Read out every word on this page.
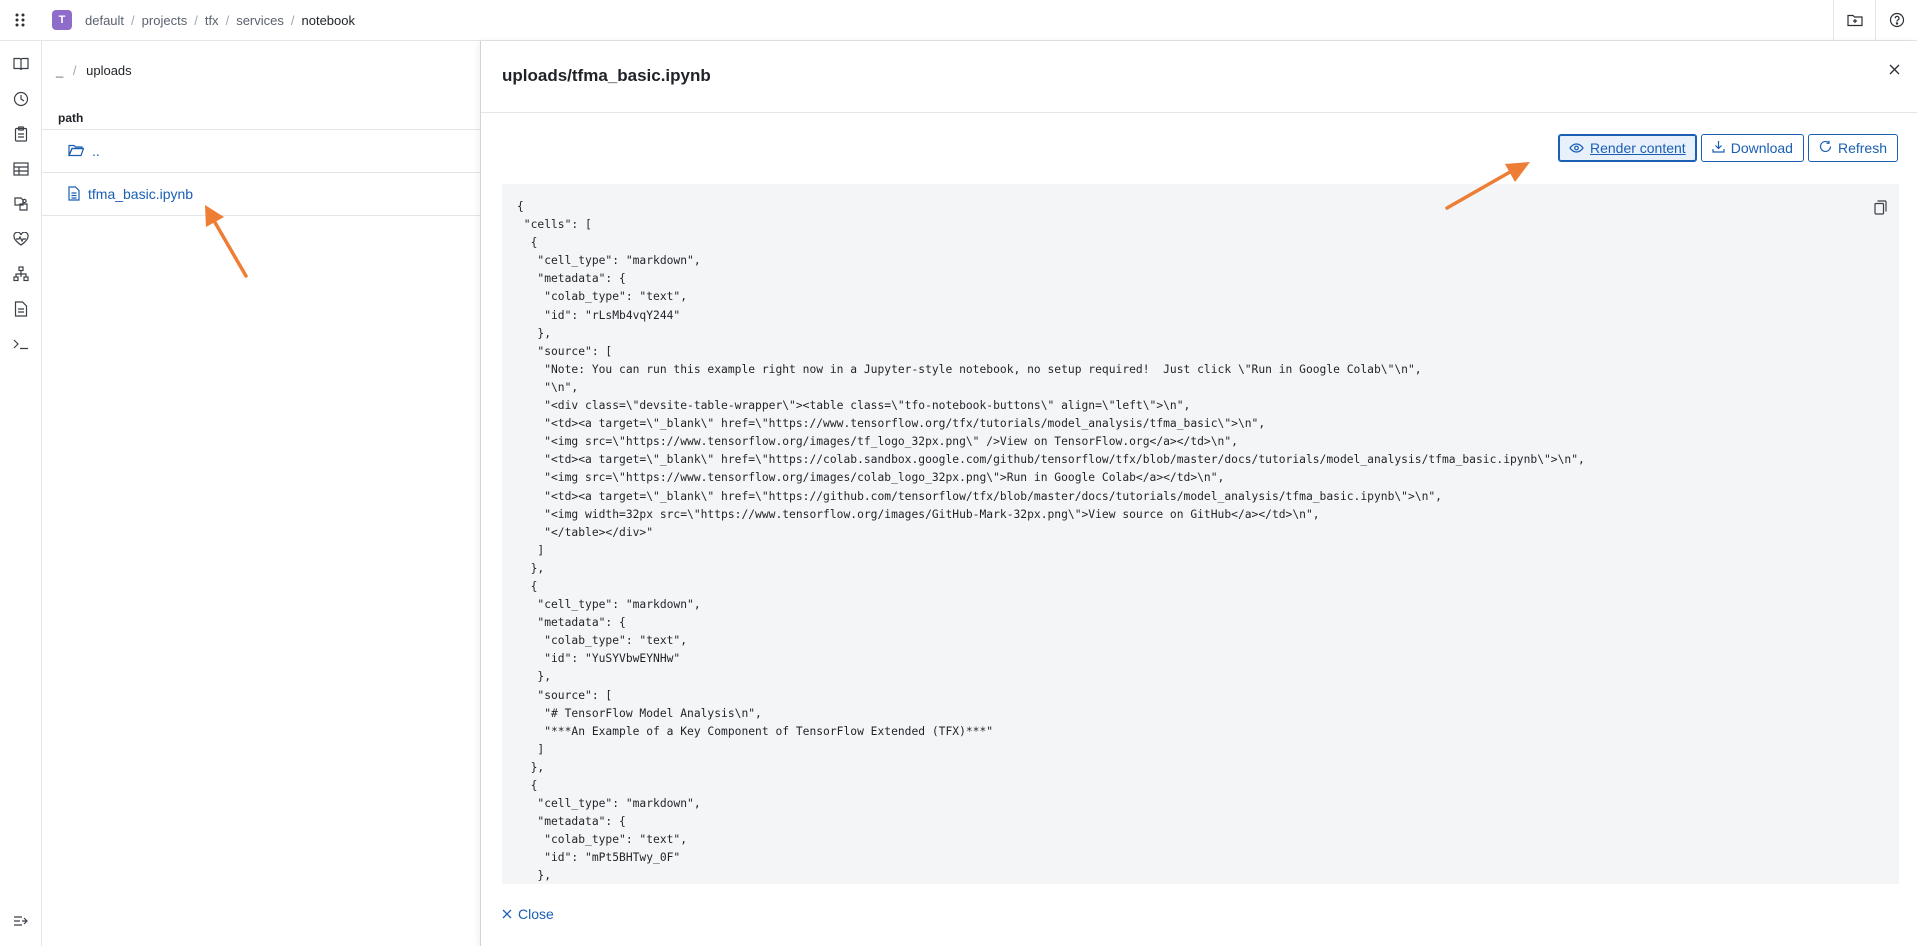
T	default / projects / tfx / services / notebook
_ / uploads
path
..
tfma_basic.ipynb
uploads/tfma_basic.ipynb
Render content	Download	Refresh
{
"cells": [
{
"cell_type": "markdown",
"metadata": {
"colab_type": "text",
"id": "rLsMb4vqY244"
},
"source": [
"Note: You can run this example right now in a Jupyter-style notebook, no setup required!  Just click \"Run in Google Colab\"\n",
"\n",
"<div class=\"devsite-table-wrapper\"><table class=\"tfo-notebook-buttons\" align=\"left\">\n",
"<td><a target=\"_blank\" href=\"https://www.tensorflow.org/tfx/tutorials/model_analysis/tfma_basic\">\n",
"<img src=\"https://www.tensorflow.org/images/tf_logo_32px.png\" />View on TensorFlow.org</a></td>\n",
"<td><a target=\"_blank\" href=\"https://colab.sandbox.google.com/github/tensorflow/tfx/blob/master/docs/tutorials/model_analysis/tfma_basic.ipynb\">\n",
"<img src=\"https://www.tensorflow.org/images/colab_logo_32px.png\">Run in Google Colab</a></td>\n",
"<td><a target=\"_blank\" href=\"https://github.com/tensorflow/tfx/blob/master/docs/tutorials/model_analysis/tfma_basic.ipynb\">\n",
"<img width=32px src=\"https://www.tensorflow.org/images/GitHub-Mark-32px.png\">View source on GitHub</a></td>\n",
"</table></div>"
]
},
{
"cell_type": "markdown",
"metadata": {
"colab_type": "text",
"id": "YuSYVbwEYNHw"
},
"source": [
"# TensorFlow Model Analysis\n",
"***An Example of a Key Component of TensorFlow Extended (TFX)***"
]
},
{
"cell_type": "markdown",
"metadata": {
"colab_type": "text",
"id": "mPt5BHTwy_0F"
},
Close
